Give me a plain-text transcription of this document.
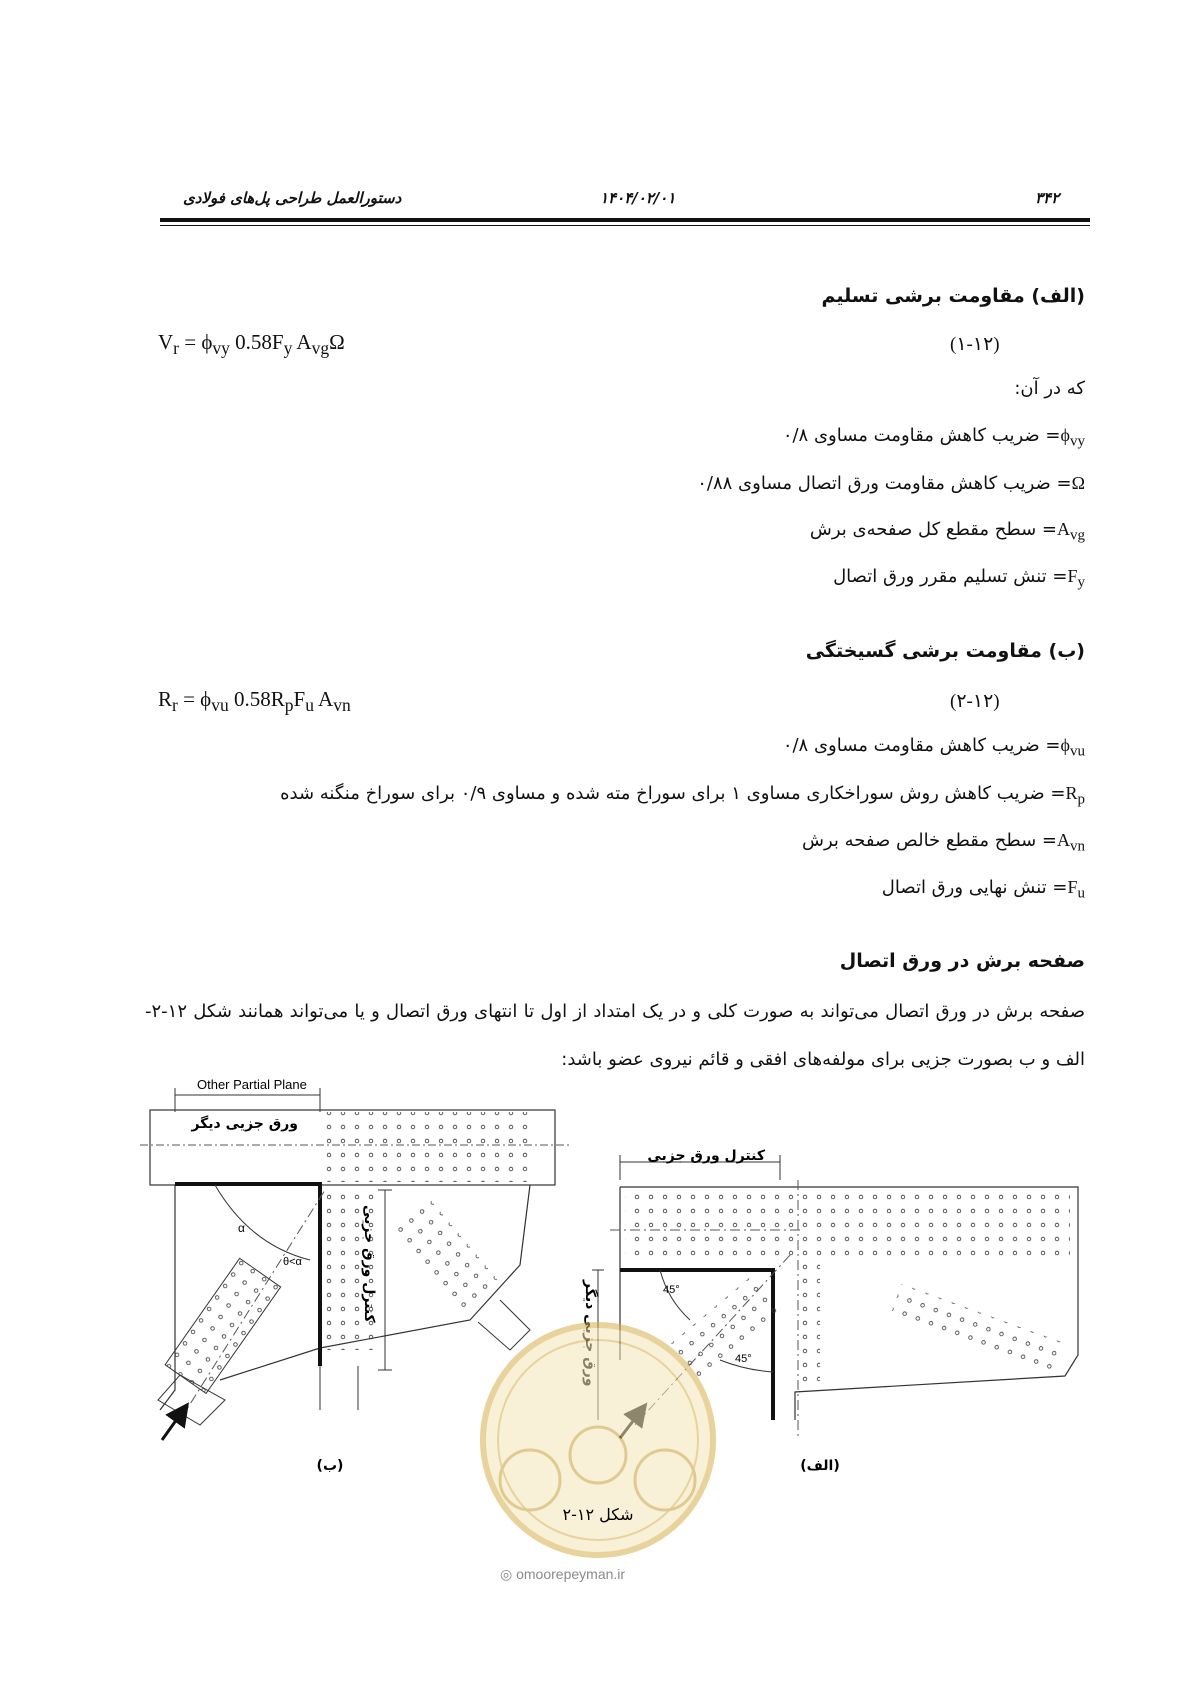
دستورالعمل طراحی پل‌های فولادی	۱۴۰۴/۰۲/۰۱	۳۴۲
(الف) مقاومت برشی تسلیم
$V_r = \phi_{vy}$ $0.58F_y$ $A_{vg}\Omega$	(۱-۱۲)
که در آن:
$\phi_{vy}=$ ضریب کاهش مقاومت مساوی ۰/۸
Ω= ضریب کاهش مقاومت ورق اتصال مساوی ۰/۸۸
$A_{vg}=$ سطح مقطع کل صفحه‌ی برش
$F_y=$ تنش تسلیم مقرر ورق اتصال
(ب) مقاومت برشی گسیختگی
$R_r = \phi_{vu}$ $0.58R_pF_u$ $A_{vn}$	(۲-۱۲)
$\phi_{vu}=$ ضریب کاهش مقاومت مساوی ۰/۸
$R_p=$ ضریب کاهش روش سوراخکاری مساوی ۱ برای سوراخ مته شده و مساوی ۰/۹ برای سوراخ منگنه شده
$A_{vn}=$ سطح مقطع خالص صفحه برش
$F_u=$ تنش نهایی ورق اتصال
صفحه برش در ورق اتصال
صفحه برش در ورق اتصال می‌تواند به صورت کلی و در یک امتداد از اول تا انتهای ورق اتصال و یا می‌تواند همانند شکل ۱۲-۲- الف و ب بصورت جزیی برای مولفه‌های افقی و قائم نیروی عضو باشد:
Other Partial Plane
ورق جزیی دیگر
α
θ<α	کنترل ورق جزیی
(ب)
کنترل ورق جزیی
45°
45°
(الف)
شکل ۱۲-۲
◎ omoorepeyman.ir
